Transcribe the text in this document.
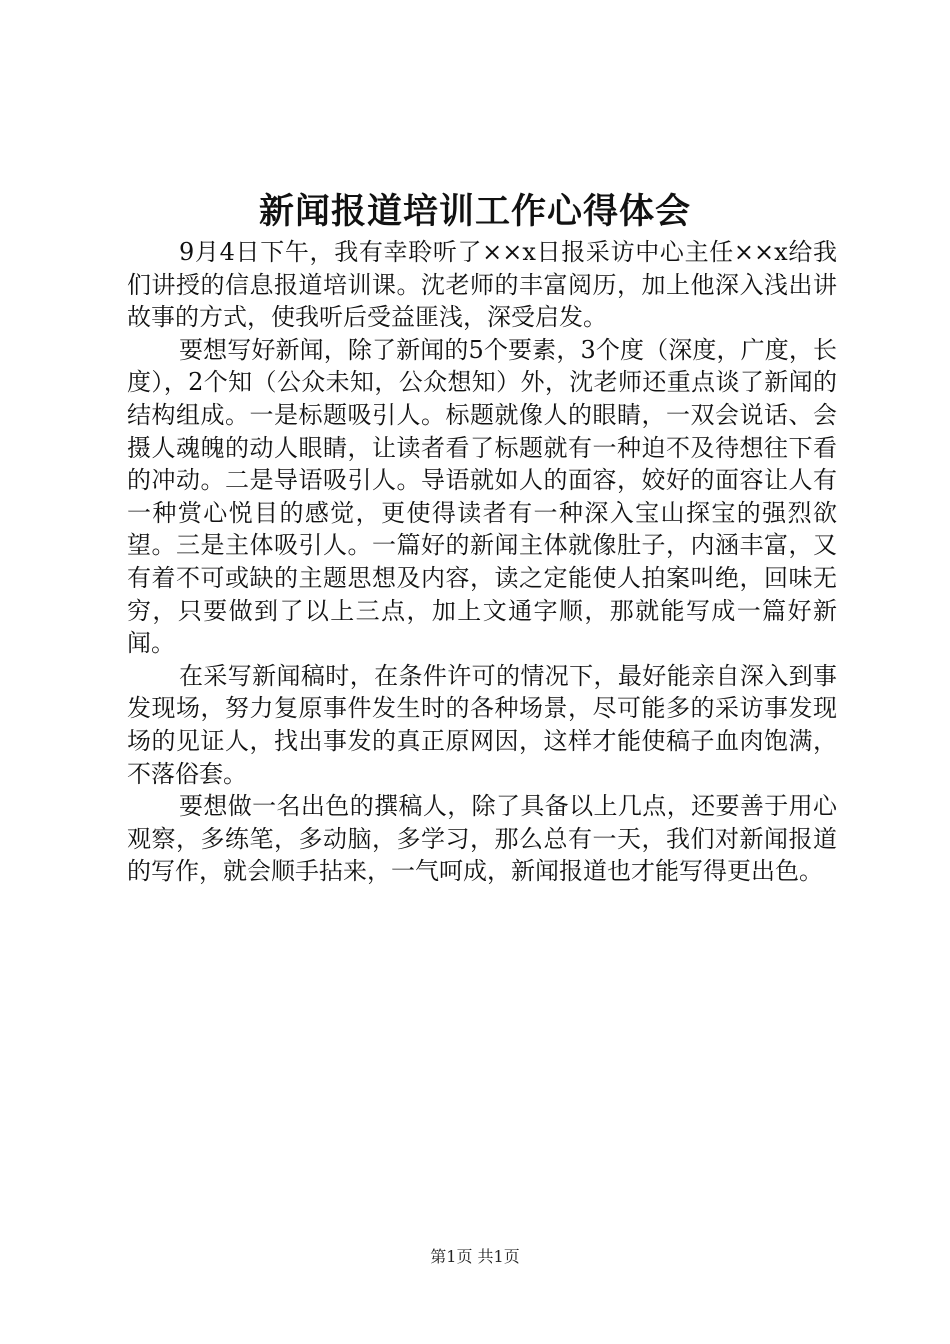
新闻报道培训工作心得体会

9月4日下午，我有幸聆听了××x日报采访中心主任××x给我们讲授的信息报道培训课。沈老师的丰富阅历，加上他深入浅出讲故事的方式，使我听后受益匪浅，深受启发。

要想写好新闻，除了新闻的5个要素，3个度（深度，广度，长度），2个知（公众未知，公众想知）外，沈老师还重点谈了新闻的结构组成。一是标题吸引人。标题就像人的眼睛，一双会说话、会摄人魂魄的动人眼睛，让读者看了标题就有一种迫不及待想往下看的冲动。二是导语吸引人。导语就如人的面容，姣好的面容让人有一种赏心悦目的感觉，更使得读者有一种深入宝山探宝的强烈欲望。三是主体吸引人。一篇好的新闻主体就像肚子，内涵丰富，又有着不可或缺的主题思想及内容，读之定能使人拍案叫绝，回味无穷，只要做到了以上三点，加上文通字顺，那就能写成一篇好新闻。

在采写新闻稿时，在条件许可的情况下，最好能亲自深入到事发现场，努力复原事件发生时的各种场景，尽可能多的采访事发现场的见证人，找出事发的真正原网因，这样才能使稿子血肉饱满，不落俗套。

要想做一名出色的撰稿人，除了具备以上几点，还要善于用心观察，多练笔，多动脑，多学习，那么总有一天，我们对新闻报道的写作，就会顺手拈来，一气呵成，新闻报道也才能写得更出色。

第1页 共1页
